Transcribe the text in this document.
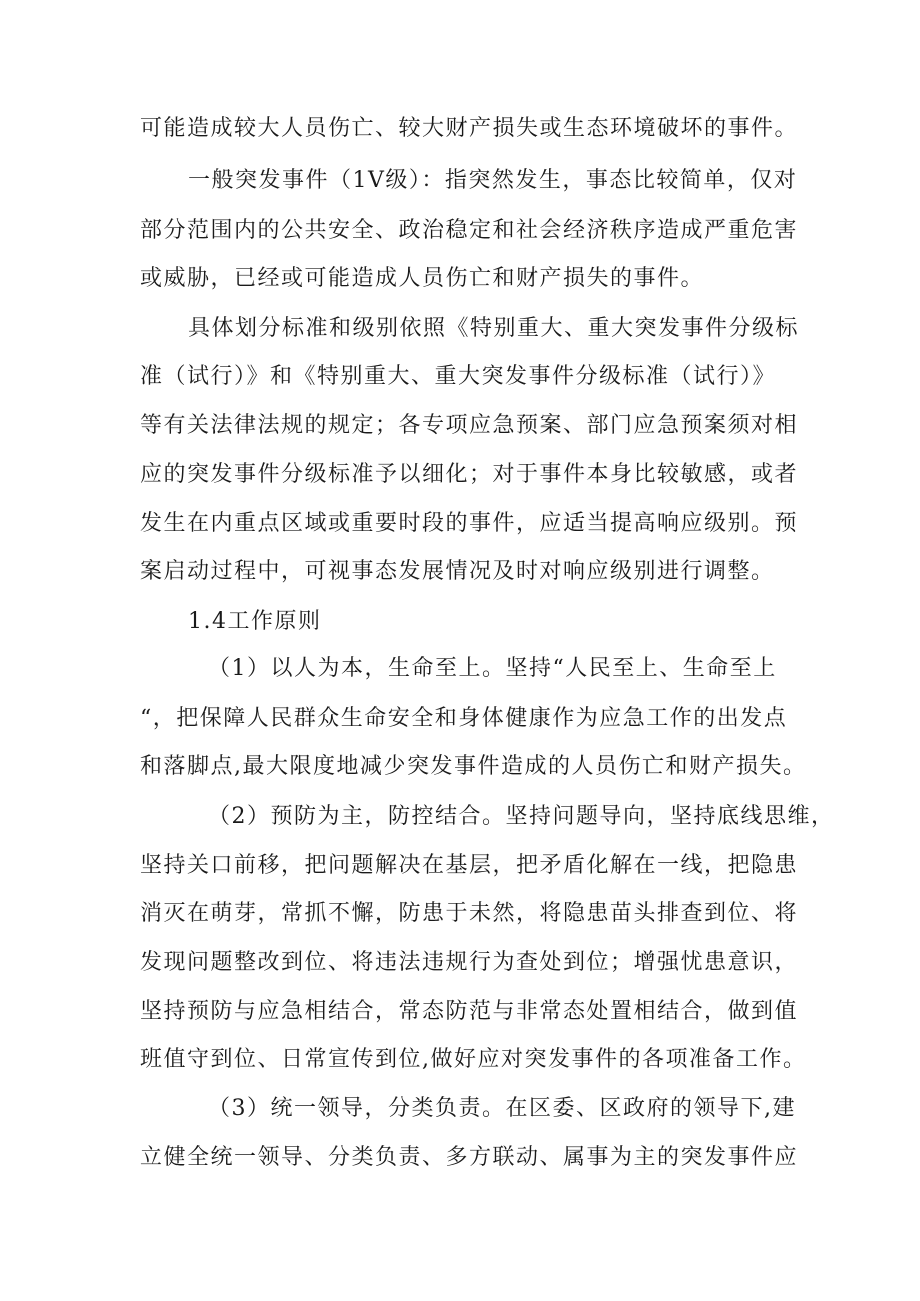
可能造成较大人员伤亡、较大财产损失或生态环境破坏的事件。
一般突发事件（1V级）：指突然发生，事态比较简单，仅对
部分范围内的公共安全、政治稳定和社会经济秩序造成严重危害
或威胁，已经或可能造成人员伤亡和财产损失的事件。
具体划分标准和级别依照《特别重大、重大突发事件分级标
准（试行）》和《特别重大、重大突发事件分级标准（试行）》
等有关法律法规的规定；各专项应急预案、部门应急预案须对相
应的突发事件分级标准予以细化；对于事件本身比较敏感，或者
发生在内重点区域或重要时段的事件，应适当提高响应级别。预
案启动过程中，可视事态发展情况及时对响应级别进行调整。
1.4工作原则
（1）以人为本，生命至上。坚持“人民至上、生命至上
“，把保障人民群众生命安全和身体健康作为应急工作的出发点
和落脚点,最大限度地减少突发事件造成的人员伤亡和财产损失。
（2）预防为主，防控结合。坚持问题导向，坚持底线思维，
坚持关口前移，把问题解决在基层，把矛盾化解在一线，把隐患
消灭在萌芽，常抓不懈，防患于未然，将隐患苗头排查到位、将
发现问题整改到位、将违法违规行为查处到位；增强忧患意识，
坚持预防与应急相结合，常态防范与非常态处置相结合，做到值
班值守到位、日常宣传到位,做好应对突发事件的各项准备工作。
（3）统一领导，分类负责。在区委、区政府的领导下,建
立健全统一领导、分类负责、多方联动、属事为主的突发事件应
